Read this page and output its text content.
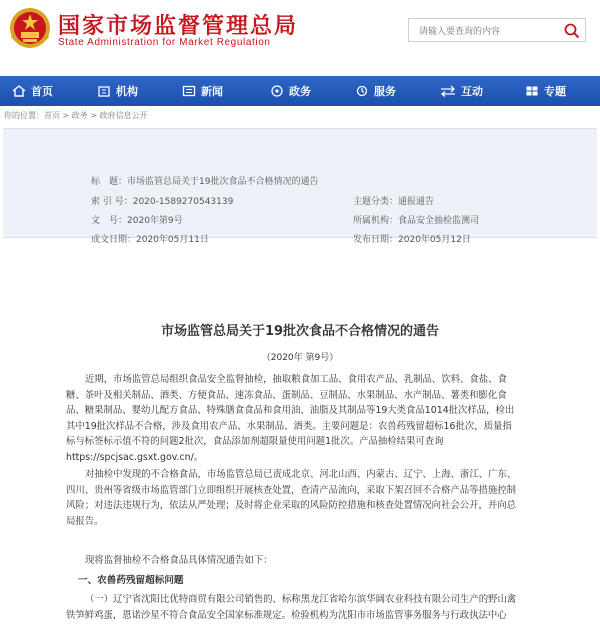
国家市场监督管理总局
State Administration for Market Regulation
请输入要查询的内容
首页	机构	新闻	政务	服务	互动	专题
你的位置：首页 > 政务 > 政府信息公开
标　题：市场监管总局关于19批次食品不合格情况的通告
索 引 号：2020-1589270543139	主题分类：通报通告
文　号：2020年第9号	所属机构：食品安全抽检监测司
成文日期：2020年05月11日	发布日期：2020年05月12日
市场监管总局关于19批次食品不合格情况的通告
（2020年 第9号）

近期，市场监管总局组织食品安全监督抽检，抽取粮食加工品、食用农产品、乳制品、饮料、食盐、食

糖、茶叶及相关制品、酒类、方便食品、速冻食品、蛋制品、豆制品、水果制品、水产制品、薯类和膨化食

品、糖果制品、婴幼儿配方食品、特殊膳食食品和食用油、油脂及其制品等19大类食品1014批次样品，检出

其中19批次样品不合格，涉及食用农产品、水果制品、酒类。主要问题是：农兽药残留超标16批次，质量指

标与标签标示值不符的问题2批次，食品添加剂超限量使用问题1批次。产品抽检结果可查询

https://spcjsac.gsxt.gov.cn/。

对抽检中发现的不合格食品，市场监管总局已责成北京、河北山西、内蒙古、辽宁、上海、浙江、广东、

四川、贵州等省级市场监管部门立即组织开展核查处置，查清产品流向，采取下架召回不合格产品等措施控制

风险；对违法违规行为，依法从严处理；及时将企业采取的风险防控措施和核查处置情况向社会公开，并向总

局报告。

现将监督抽检不合格食品具体情况通告如下：

一、农兽药残留超标问题

（一）辽宁省沈阳比优特商贸有限公司销售的、标称黑龙江省哈尔滨华阔农业科技有限公司生产的野山禽

铁笋鲜鸡蛋，恩诺沙星不符合食品安全国家标准规定。检验机构为沈阳市市场监管事务服务与行政执法中心
